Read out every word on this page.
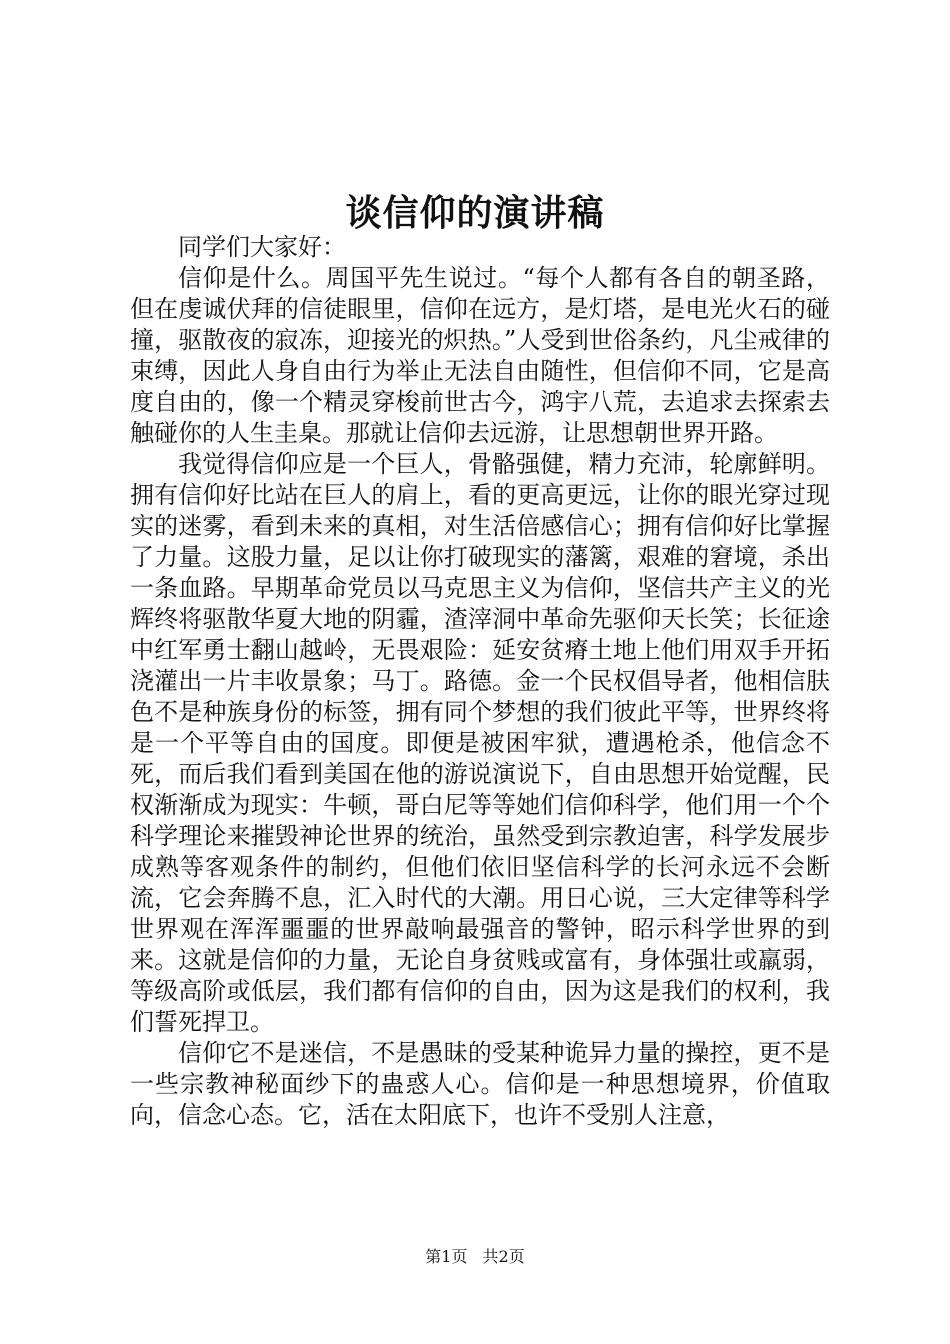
谈信仰的演讲稿

同学们大家好：

信仰是什么。周国平先生说过。“每个人都有各自的朝圣路，但在虔诚伏拜的信徒眼里，信仰在远方，是灯塔，是电光火石的碰撞，驱散夜的寂冻，迎接光的炽热。”人受到世俗条约，凡尘戒律的束缚，因此人身自由行为举止无法自由随性，但信仰不同，它是高度自由的，像一个精灵穿梭前世古今，鸿宇八荒，去追求去探索去触碰你的人生圭臬。那就让信仰去远游，让思想朝世界开路。

我觉得信仰应是一个巨人，骨骼强健，精力充沛，轮廓鲜明。拥有信仰好比站在巨人的肩上，看的更高更远，让你的眼光穿过现实的迷雾，看到未来的真相，对生活倍感信心；拥有信仰好比掌握了力量。这股力量，足以让你打破现实的藩篱，艰难的窘境，杀出一条血路。早期革命党员以马克思主义为信仰，坚信共产主义的光辉终将驱散华夏大地的阴霾，渣滓洞中革命先驱仰天长笑；长征途中红军勇士翻山越岭，无畏艰险：延安贫瘠土地上他们用双手开拓浇灌出一片丰收景象；马丁。路德。金一个民权倡导者，他相信肤色不是种族身份的标签，拥有同个梦想的我们彼此平等，世界终将是一个平等自由的国度。即便是被困牢狱，遭遇枪杀，他信念不死，而后我们看到美国在他的游说演说下，自由思想开始觉醒，民权渐渐成为现实：牛顿，哥白尼等等她们信仰科学，他们用一个个科学理论来摧毁神论世界的统治，虽然受到宗教迫害，科学发展步成熟等客观条件的制约，但他们依旧坚信科学的长河永远不会断流，它会奔腾不息，汇入时代的大潮。用日心说，三大定律等科学世界观在浑浑噩噩的世界敲响最强音的警钟，昭示科学世界的到来。这就是信仰的力量，无论自身贫贱或富有，身体强壮或羸弱，等级高阶或低层，我们都有信仰的自由，因为这是我们的权利，我们誓死捍卫。

信仰它不是迷信，不是愚昧的受某种诡异力量的操控，更不是一些宗教神秘面纱下的蛊惑人心。信仰是一种思想境界，价值取向，信念心态。它，活在太阳底下，也许不受别人注意，

第1页 共2页
